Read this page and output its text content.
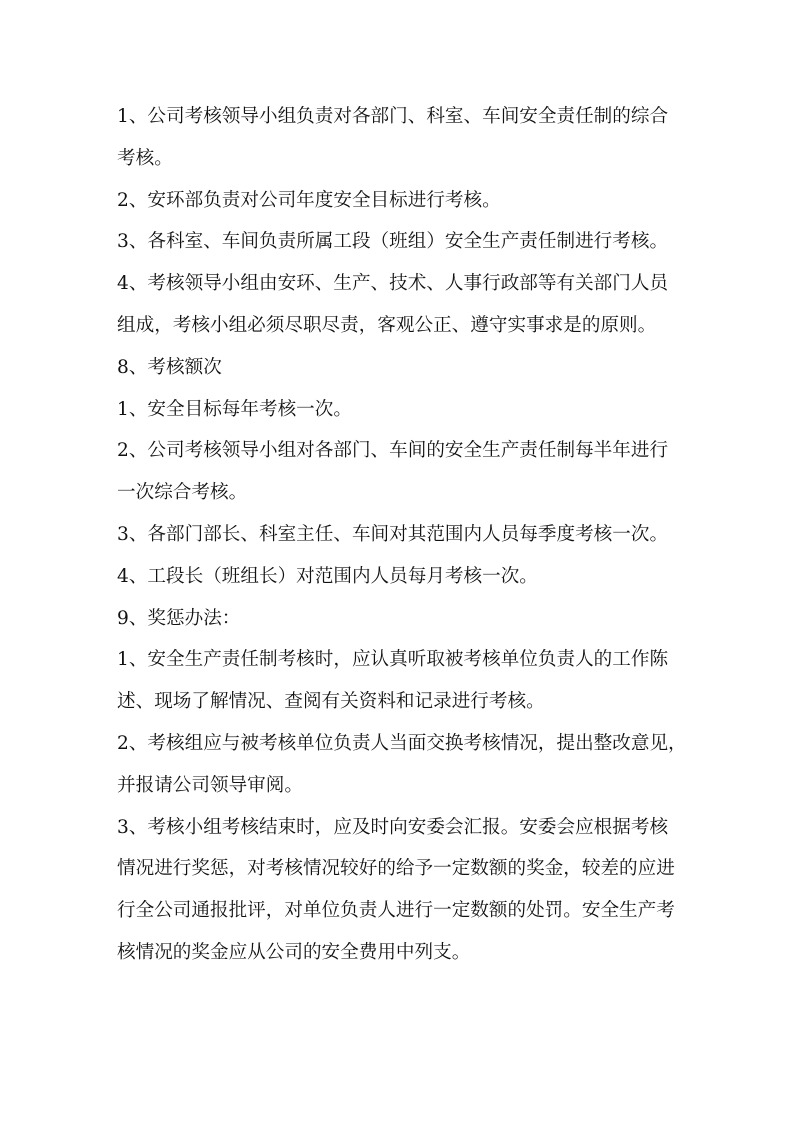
1、公司考核领导小组负责对各部门、科室、车间安全责任制的综合
考核。
2、安环部负责对公司年度安全目标进行考核。
3、各科室、车间负责所属工段（班组）安全生产责任制进行考核。
4、考核领导小组由安环、生产、技术、人事行政部等有关部门人员
组成，考核小组必须尽职尽责，客观公正、遵守实事求是的原则。
8、考核额次
1、安全目标每年考核一次。
2、公司考核领导小组对各部门、车间的安全生产责任制每半年进行
一次综合考核。
3、各部门部长、科室主任、车间对其范围内人员每季度考核一次。
4、工段长（班组长）对范围内人员每月考核一次。
9、奖惩办法：
1、安全生产责任制考核时，应认真听取被考核单位负责人的工作陈
述、现场了解情况、查阅有关资料和记录进行考核。
2、考核组应与被考核单位负责人当面交换考核情况，提出整改意见，
并报请公司领导审阅。
3、考核小组考核结束时，应及时向安委会汇报。安委会应根据考核
情况进行奖惩，对考核情况较好的给予一定数额的奖金，较差的应进
行全公司通报批评，对单位负责人进行一定数额的处罚。安全生产考
核情况的奖金应从公司的安全费用中列支。
